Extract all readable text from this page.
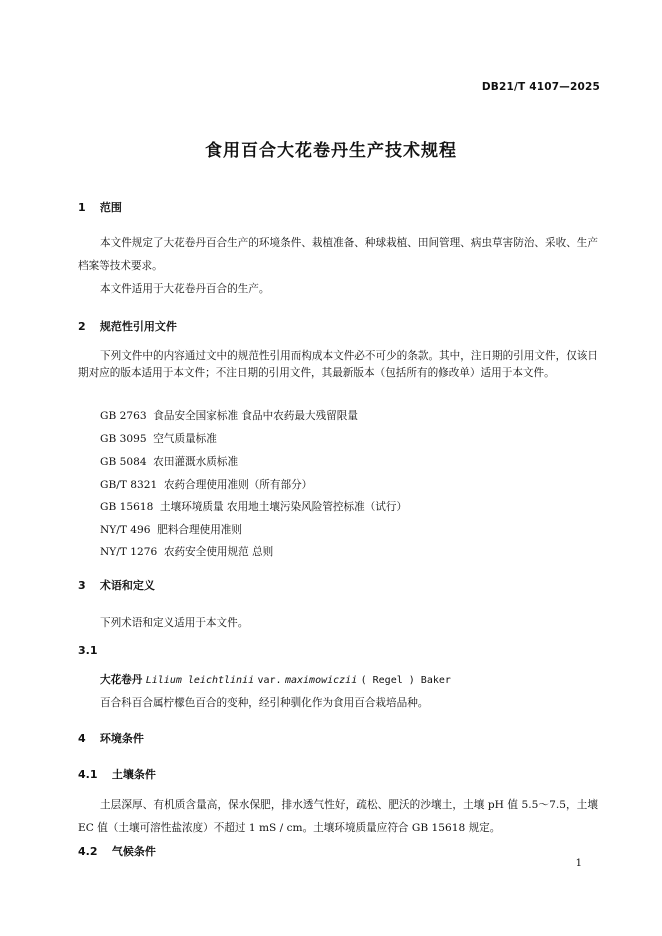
DB21/T 4107—2025
食用百合大花卷丹生产技术规程
1 范围
本文件规定了大花卷丹百合生产的环境条件、栽植准备、种球栽植、田间管理、病虫草害防治、采收、生产档案等技术要求。
本文件适用于大花卷丹百合的生产。
2 规范性引用文件
下列文件中的内容通过文中的规范性引用而构成本文件必不可少的条款。其中，注日期的引用文件，仅该日期对应的版本适用于本文件；不注日期的引用文件，其最新版本（包括所有的修改单）适用于本文件。
GB 2763  食品安全国家标准 食品中农药最大残留限量
GB 3095  空气质量标准
GB 5084  农田灌溉水质标准
GB/T 8321  农药合理使用准则（所有部分）
GB 15618  土壤环境质量 农用地土壤污染风险管控标准（试行）
NY/T 496  肥料合理使用准则
NY/T 1276  农药安全使用规范 总则
3 术语和定义
下列术语和定义适用于本文件。
3.1
大花卷丹 Lilium leichtlinii var. maximowiczii ( Regel ) Baker
百合科百合属柠檬色百合的变种，经引种驯化作为食用百合栽培品种。
4 环境条件
4.1 土壤条件
土层深厚、有机质含量高，保水保肥，排水透气性好，疏松、肥沃的沙壤土，土壤 pH 值 5.5～7.5，土壤 EC 值（土壤可溶性盐浓度）不超过 1 mS / cm。土壤环境质量应符合 GB 15618 规定。
4.2 气候条件
1
